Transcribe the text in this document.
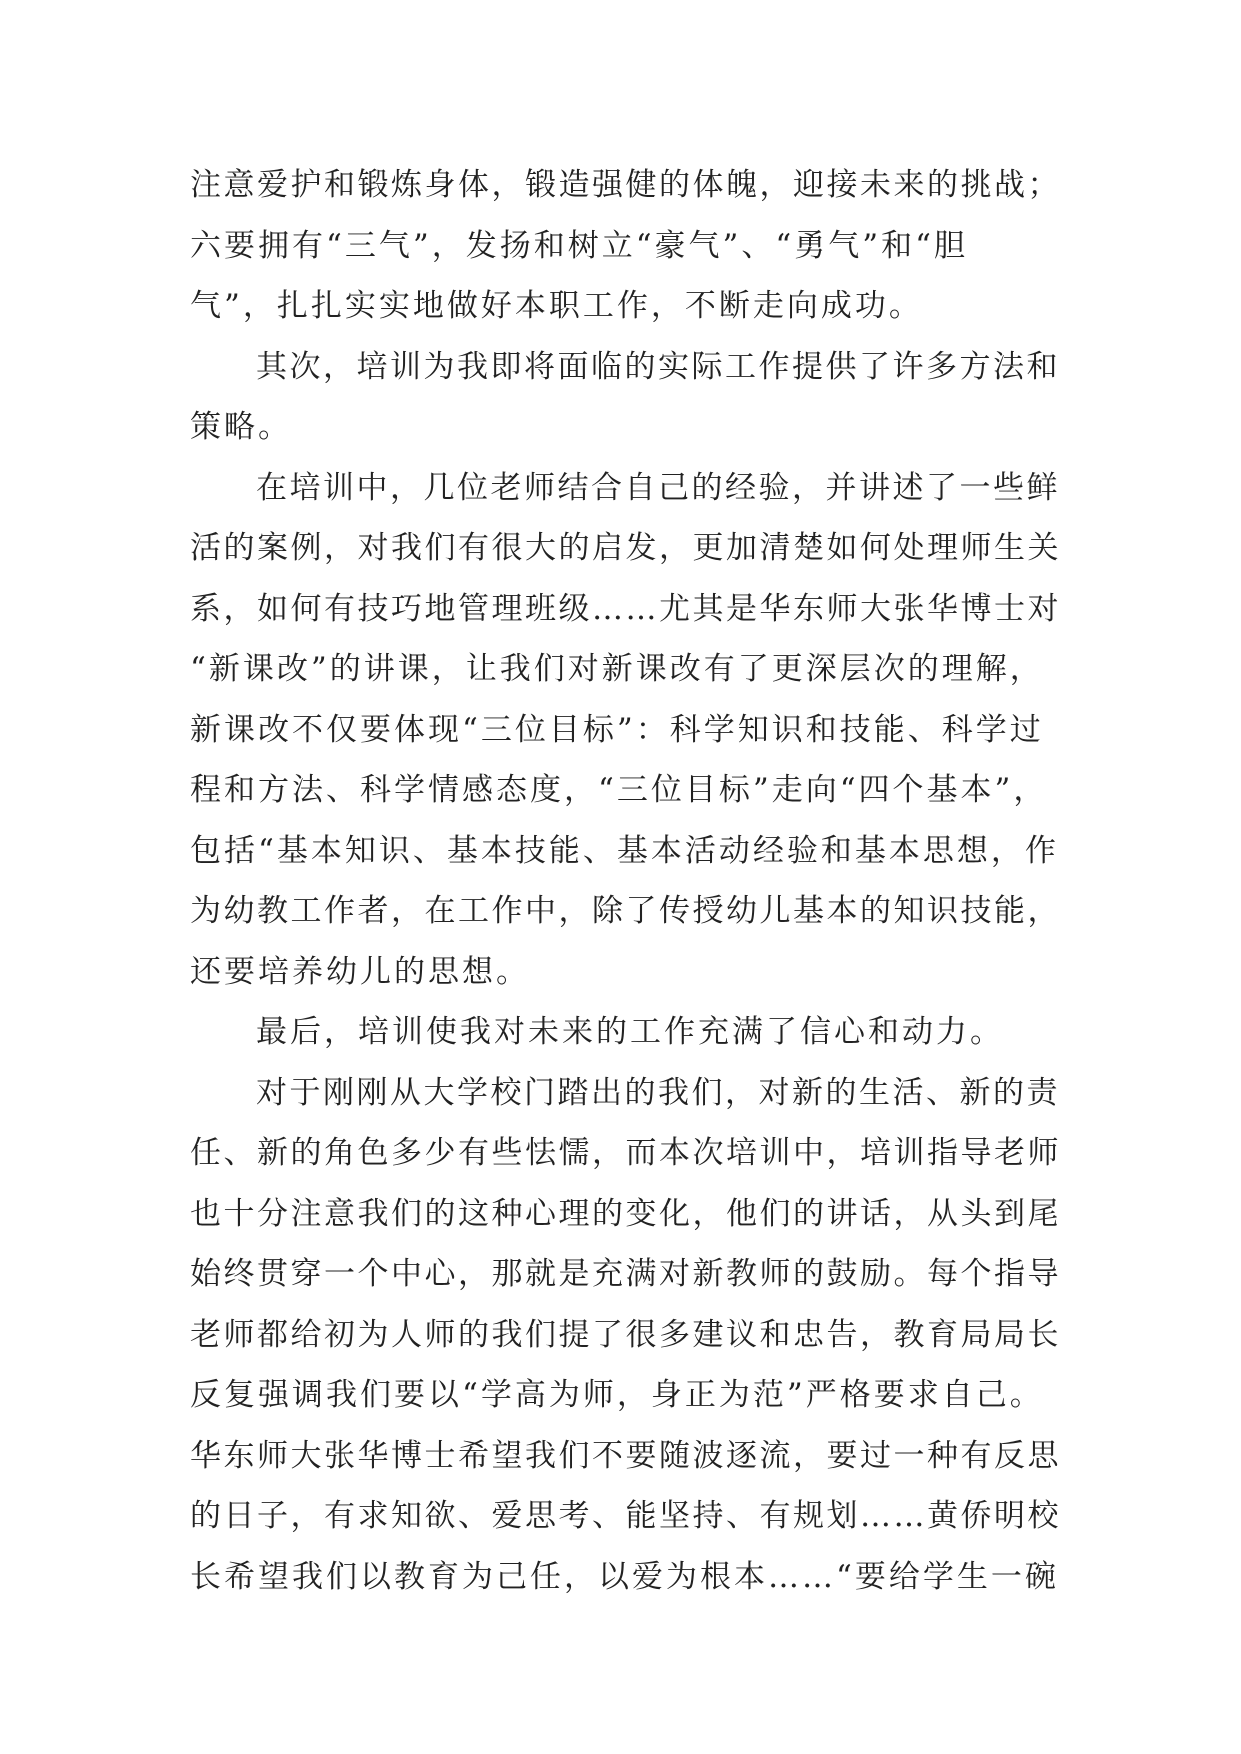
注意爱护和锻炼身体，锻造强健的体魄，迎接未来的挑战；
六要拥有“三气”，发扬和树立“豪气”、“勇气”和“胆
气”，扎扎实实地做好本职工作，不断走向成功。
其次，培训为我即将面临的实际工作提供了许多方法和
策略。
在培训中，几位老师结合自己的经验，并讲述了一些鲜
活的案例，对我们有很大的启发，更加清楚如何处理师生关
系，如何有技巧地管理班级……尤其是华东师大张华博士对
“新课改”的讲课，让我们对新课改有了更深层次的理解，
新课改不仅要体现“三位目标”：科学知识和技能、科学过
程和方法、科学情感态度，“三位目标”走向“四个基本”，
包括“基本知识、基本技能、基本活动经验和基本思想，作
为幼教工作者，在工作中，除了传授幼儿基本的知识技能，
还要培养幼儿的思想。
最后，培训使我对未来的工作充满了信心和动力。
对于刚刚从大学校门踏出的我们，对新的生活、新的责
任、新的角色多少有些怯懦，而本次培训中，培训指导老师
也十分注意我们的这种心理的变化，他们的讲话，从头到尾
始终贯穿一个中心，那就是充满对新教师的鼓励。每个指导
老师都给初为人师的我们提了很多建议和忠告，教育局局长
反复强调我们要以“学高为师，身正为范”严格要求自己。
华东师大张华博士希望我们不要随波逐流，要过一种有反思
的日子，有求知欲、爱思考、能坚持、有规划……黄侨明校
长希望我们以教育为己任，以爱为根本……“要给学生一碗
